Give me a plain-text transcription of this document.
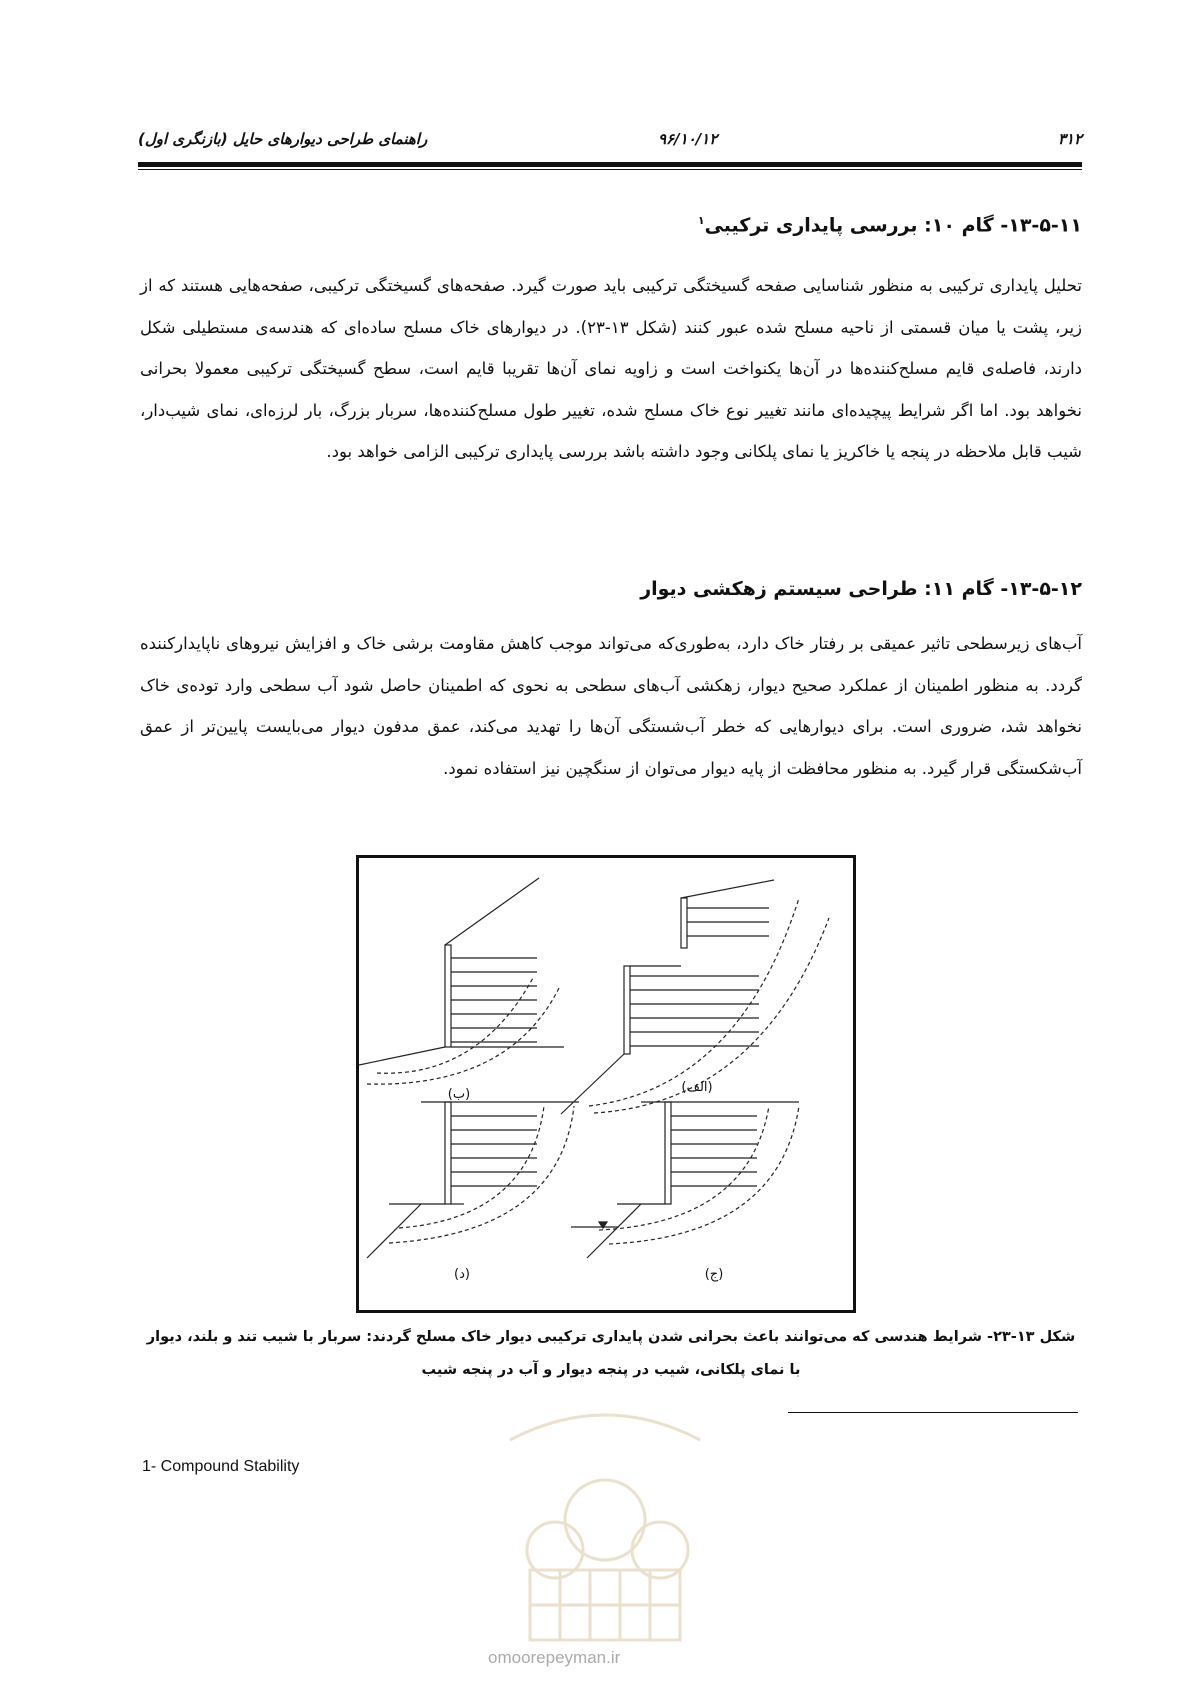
۳۱۲
۹۶/۱۰/۱۲
راهنمای طراحی دیوارهای حایل (بازنگری اول)
۱۳-۵-۱۱- گام ۱۰: بررسی پایداری ترکیبی$^۱$
تحلیل پایداری ترکیبی به منظور شناسایی صفحه گسیختگی ترکیبی باید صورت گیرد. صفحه‌های گسیختگی ترکیبی، صفحه‌هایی هستند که از زیر، پشت یا میان قسمتی از ناحیه مسلح شده عبور کنند (شکل ۱۳-۲۳). در دیوارهای خاک مسلح ساده‌ای که هندسه‌ی مستطیلی شکل دارند، فاصله‌ی قایم مسلح‌کننده‌ها در آن‌ها یکنواخت است و زاویه نمای آن‌ها تقریبا قایم است، سطح گسیختگی ترکیبی معمولا بحرانی نخواهد بود. اما اگر شرایط پیچیده‌ای مانند تغییر نوع خاک مسلح شده، تغییر طول مسلح‌کننده‌ها، سربار بزرگ، بار لرزه‌ای، نمای شیب‌دار، شیب قابل ملاحظه در پنجه یا خاکریز یا نمای پلکانی وجود داشته باشد بررسی پایداری ترکیبی الزامی خواهد بود.
۱۳-۵-۱۲- گام ۱۱: طراحی سیستم زهکشی دیوار
آب‌های زیرسطحی تاثیر عمیقی بر رفتار خاک دارد، به‌طوری‌که می‌تواند موجب کاهش مقاومت برشی خاک و افزایش نیروهای ناپایدارکننده گردد. به منظور اطمینان از عملکرد صحیح دیوار، زهکشی آب‌های سطحی به نحوی که اطمینان حاصل شود آب سطحی وارد توده‌ی خاک نخواهد شد، ضروری است. برای دیوارهایی که خطر آب‌شستگی آن‌ها را تهدید می‌کند، عمق مدفون دیوار می‌بایست پایین‌تر از عمق آب‌شکستگی قرار گیرد. به منظور محافظت از پایه دیوار می‌توان از سنگچین نیز استفاده نمود.
(ب)	(الف)
(د)	(ج)
شکل ۱۳-۲۳- شرایط هندسی که می‌توانند باعث بحرانی شدن پایداری ترکیبی دیوار خاک مسلح گردند: سربار با شیب تند و بلند، دیوار با نمای پلکانی، شیب در پنجه دیوار و آب در پنجه شیب
1- Compound Stability
omoorepeyman.ir
